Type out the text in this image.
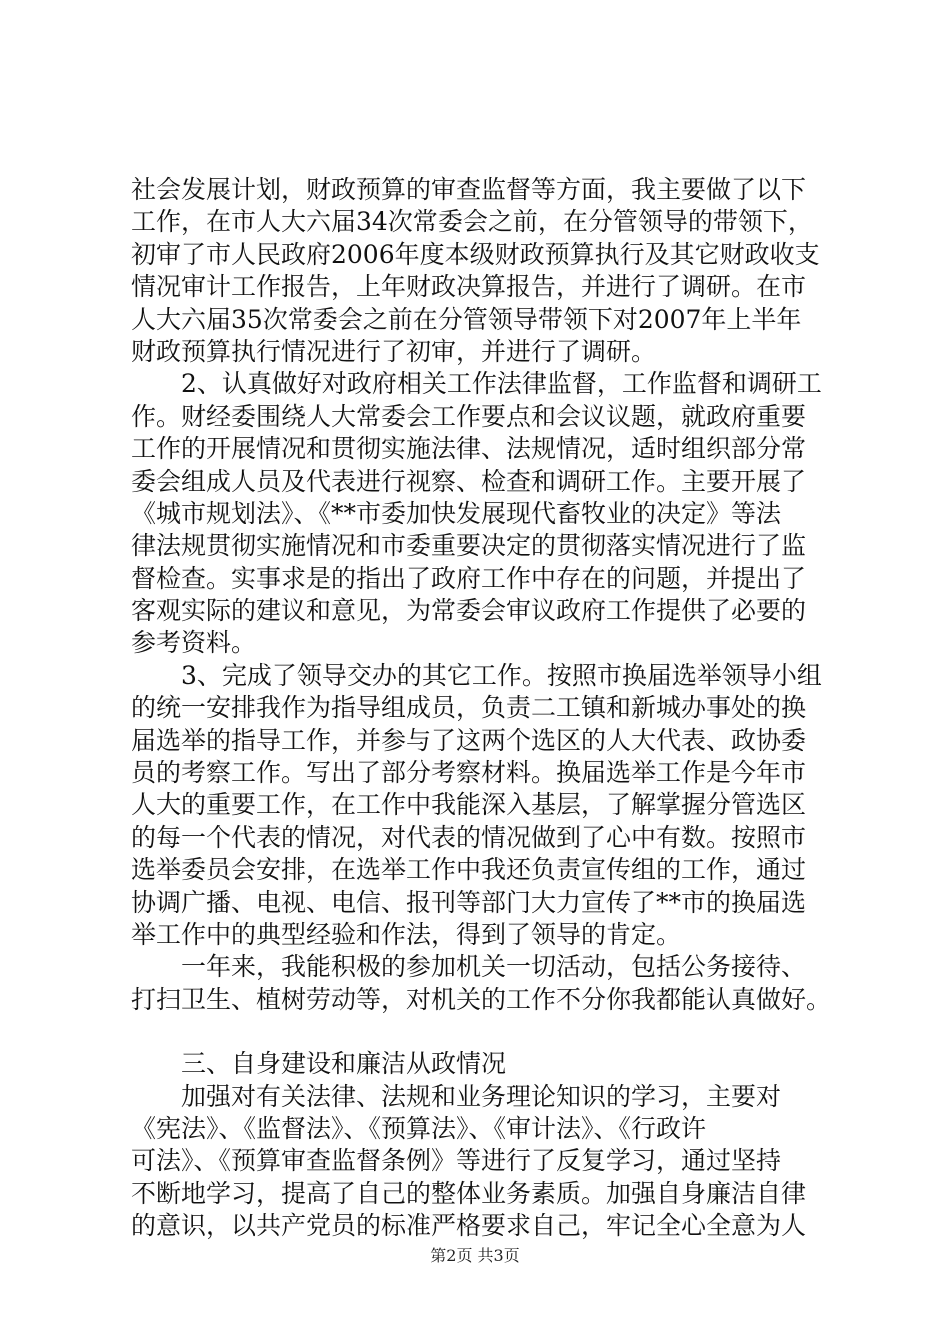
社会发展计划，财政预算的审查监督等方面，我主要做了以下
工作，在市人大六届34次常委会之前，在分管领导的带领下，
初审了市人民政府2006年度本级财政预算执行及其它财政收支
情况审计工作报告，上年财政决算报告，并进行了调研。在市
人大六届35次常委会之前在分管领导带领下对2007年上半年
财政预算执行情况进行了初审，并进行了调研。
　　2、认真做好对政府相关工作法律监督，工作监督和调研工
作。财经委围绕人大常委会工作要点和会议议题，就政府重要
工作的开展情况和贯彻实施法律、法规情况，适时组织部分常
委会组成人员及代表进行视察、检查和调研工作。主要开展了
《城市规划法》、《**市委加快发展现代畜牧业的决定》等法
律法规贯彻实施情况和市委重要决定的贯彻落实情况进行了监
督检查。实事求是的指出了政府工作中存在的问题，并提出了
客观实际的建议和意见，为常委会审议政府工作提供了必要的
参考资料。
　　3、完成了领导交办的其它工作。按照市换届选举领导小组
的统一安排我作为指导组成员，负责二工镇和新城办事处的换
届选举的指导工作，并参与了这两个选区的人大代表、政协委
员的考察工作。写出了部分考察材料。换届选举工作是今年市
人大的重要工作，在工作中我能深入基层，了解掌握分管选区
的每一个代表的情况，对代表的情况做到了心中有数。按照市
选举委员会安排，在选举工作中我还负责宣传组的工作，通过
协调广播、电视、电信、报刊等部门大力宣传了**市的换届选
举工作中的典型经验和作法，得到了领导的肯定。
　　一年来，我能积极的参加机关一切活动，包括公务接待、
打扫卫生、植树劳动等，对机关的工作不分你我都能认真做好。
　　三、自身建设和廉洁从政情况
　　加强对有关法律、法规和业务理论知识的学习，主要对
《宪法》、《监督法》、《预算法》、《审计法》、《行政许
可法》、《预算审查监督条例》等进行了反复学习，通过坚持
不断地学习，提高了自己的整体业务素质。加强自身廉洁自律
的意识，以共产党员的标准严格要求自己，牢记全心全意为人
第2页 共3页
